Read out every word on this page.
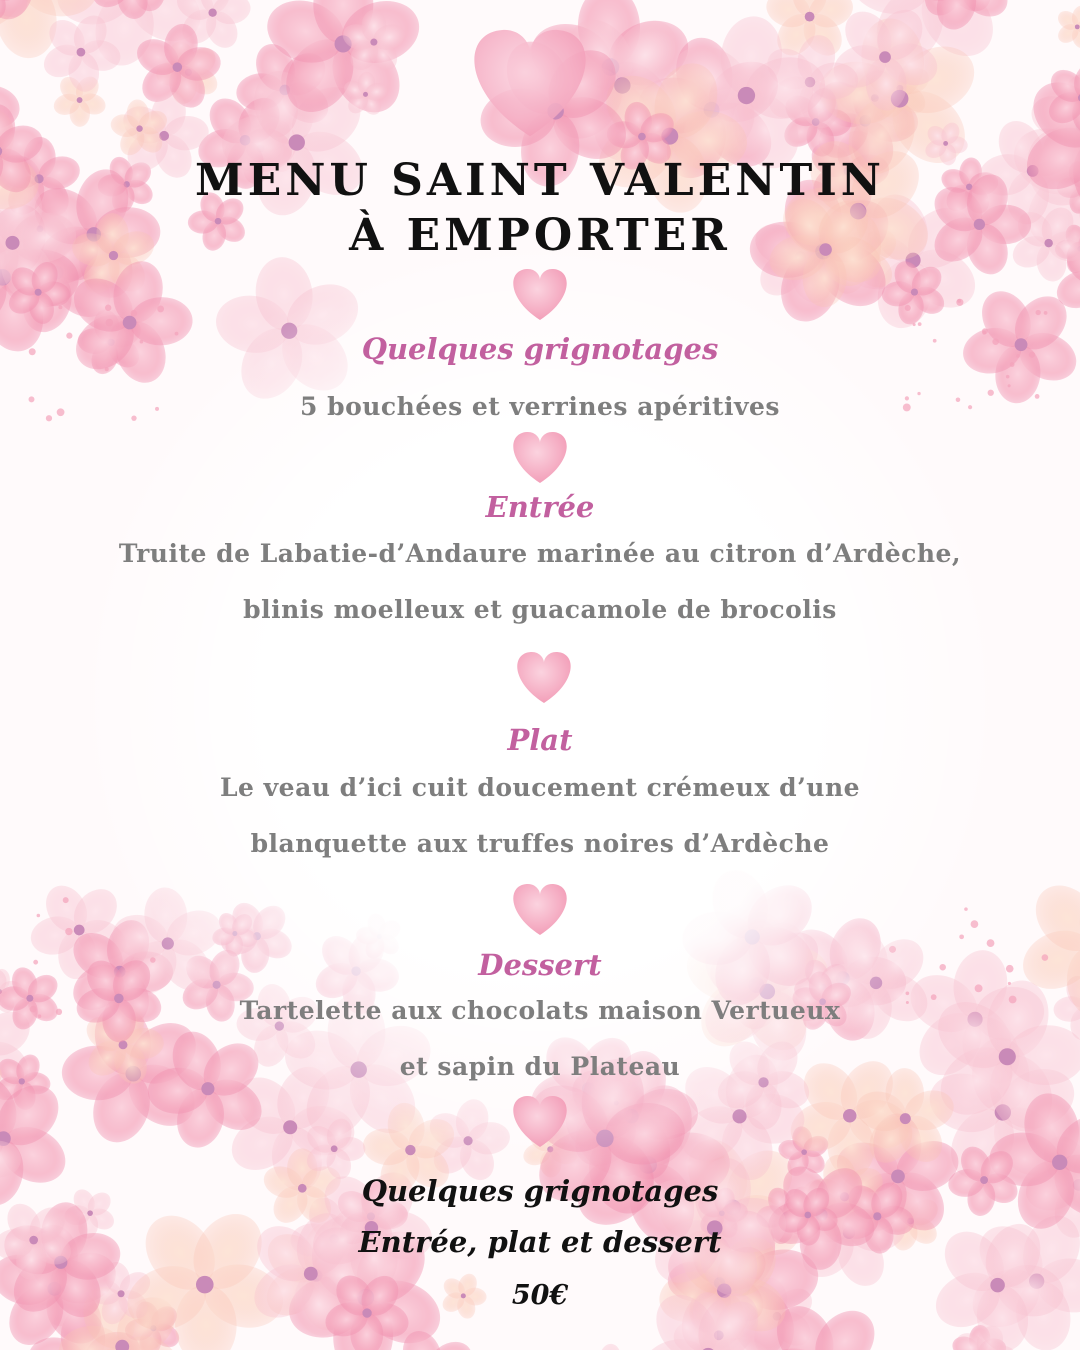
MENU SAINT VALENTIN
À EMPORTER
Quelques grignotages
5 bouchées et verrines apéritives
Entrée
Truite de Labatie-d’Andaure marinée au citron d’Ardèche,
blinis moelleux et guacamole de brocolis
Plat
Le veau d’ici cuit doucement crémeux d’une
blanquette aux truffes noires d’Ardèche
Dessert
Tartelette aux chocolats maison Vertueux
et sapin du Plateau
Quelques grignotages
Entrée, plat et dessert
50€
